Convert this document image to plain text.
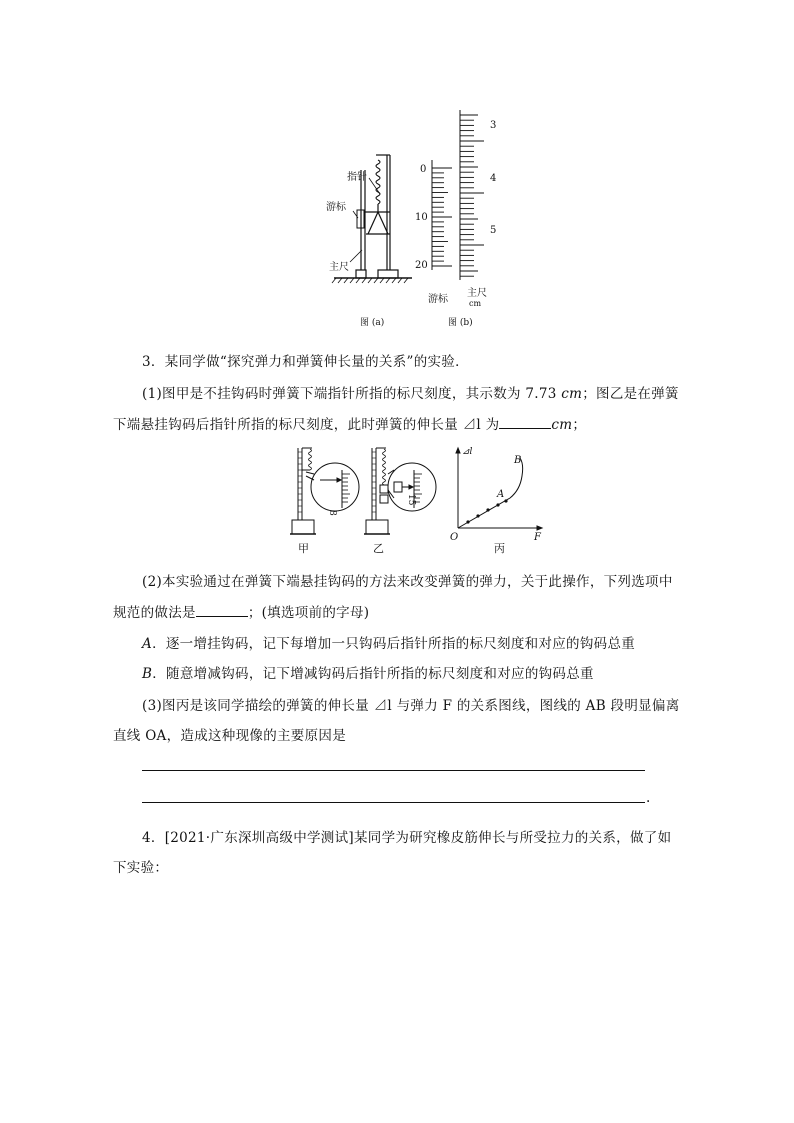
指针
游标
主尺
图 (a)
3
4
5
0
10
20
主尺
cm
游标
图 (b)
3．某同学做“探究弹力和弹簧伸长量的关系”的实验．
(1)图甲是不挂钩码时弹簧下端指针所指的标尺刻度，其示数为 7.73 cm；图乙是在弹簧
下端悬挂钩码后指针所指的标尺刻度，此时弹簧的伸长量 ⊿l 为	cm；
8
15
甲	乙	丙
⊿l
F
O
A
B
(2)本实验通过在弹簧下端悬挂钩码的方法来改变弹簧的弹力，关于此操作，下列选项中
规范的做法是	；(填选项前的字母)
A．逐一增挂钩码，记下每增加一只钩码后指针所指的标尺刻度和对应的钩码总重
B．随意增减钩码，记下增减钩码后指针所指的标尺刻度和对应的钩码总重
(3)图丙是该同学描绘的弹簧的伸长量 ⊿l 与弹力 F 的关系图线，图线的 AB 段明显偏离
直线 OA，造成这种现像的主要原因是
.
4．[2021·广东深圳高级中学测试]某同学为研究橡皮筋伸长与所受拉力的关系，做了如
下实验：
